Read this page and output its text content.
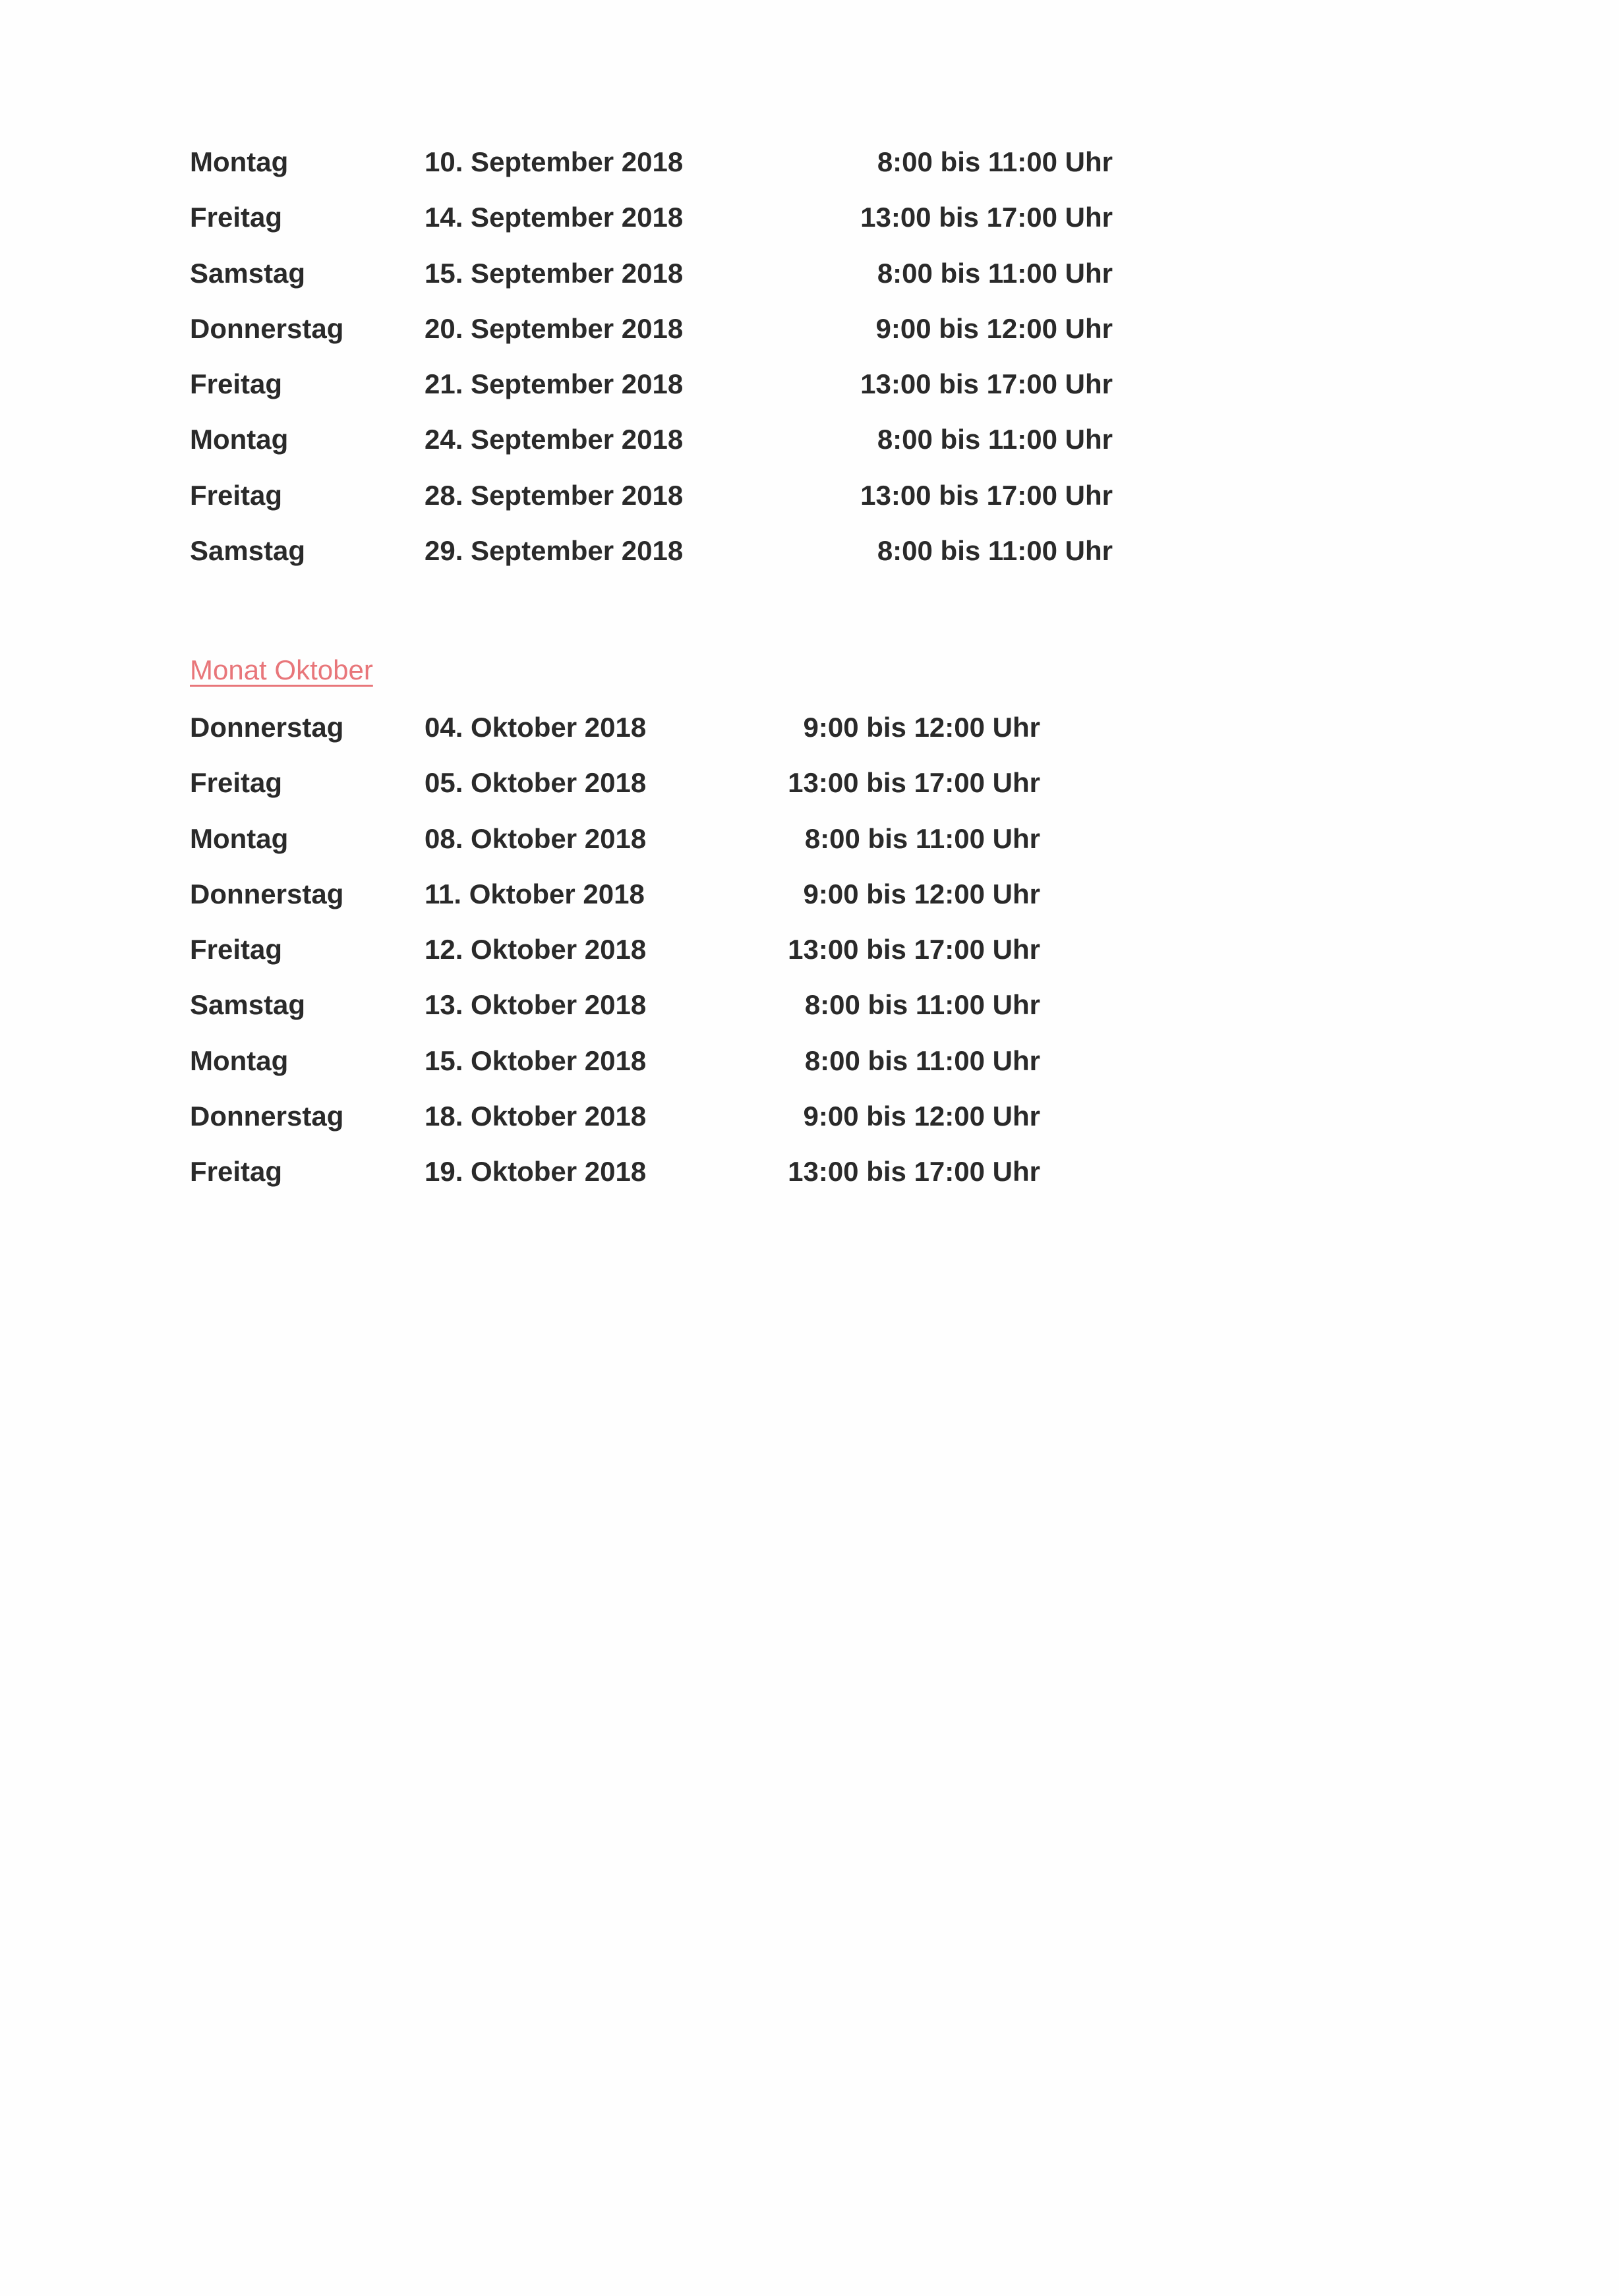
Montag	10. September 2018	8:00 bis 11:00 Uhr
Freitag	14. September 2018	13:00 bis 17:00 Uhr
Samstag	15. September 2018	8:00 bis 11:00 Uhr
Donnerstag	20. September 2018	9:00 bis 12:00 Uhr
Freitag	21. September 2018	13:00 bis 17:00 Uhr
Montag	24. September 2018	8:00 bis 11:00 Uhr
Freitag	28. September 2018	13:00 bis 17:00 Uhr
Samstag	29. September 2018	8:00 bis 11:00 Uhr
Monat Oktober
Donnerstag	04. Oktober 2018	9:00 bis 12:00 Uhr
Freitag	05. Oktober 2018	13:00 bis 17:00 Uhr
Montag	08. Oktober 2018	8:00 bis 11:00 Uhr
Donnerstag	11. Oktober 2018	9:00 bis 12:00 Uhr
Freitag	12. Oktober 2018	13:00 bis 17:00 Uhr
Samstag	13. Oktober 2018	8:00 bis 11:00 Uhr
Montag	15. Oktober 2018	8:00 bis 11:00 Uhr
Donnerstag	18. Oktober 2018	9:00 bis 12:00 Uhr
Freitag	19. Oktober 2018	13:00 bis 17:00 Uhr
